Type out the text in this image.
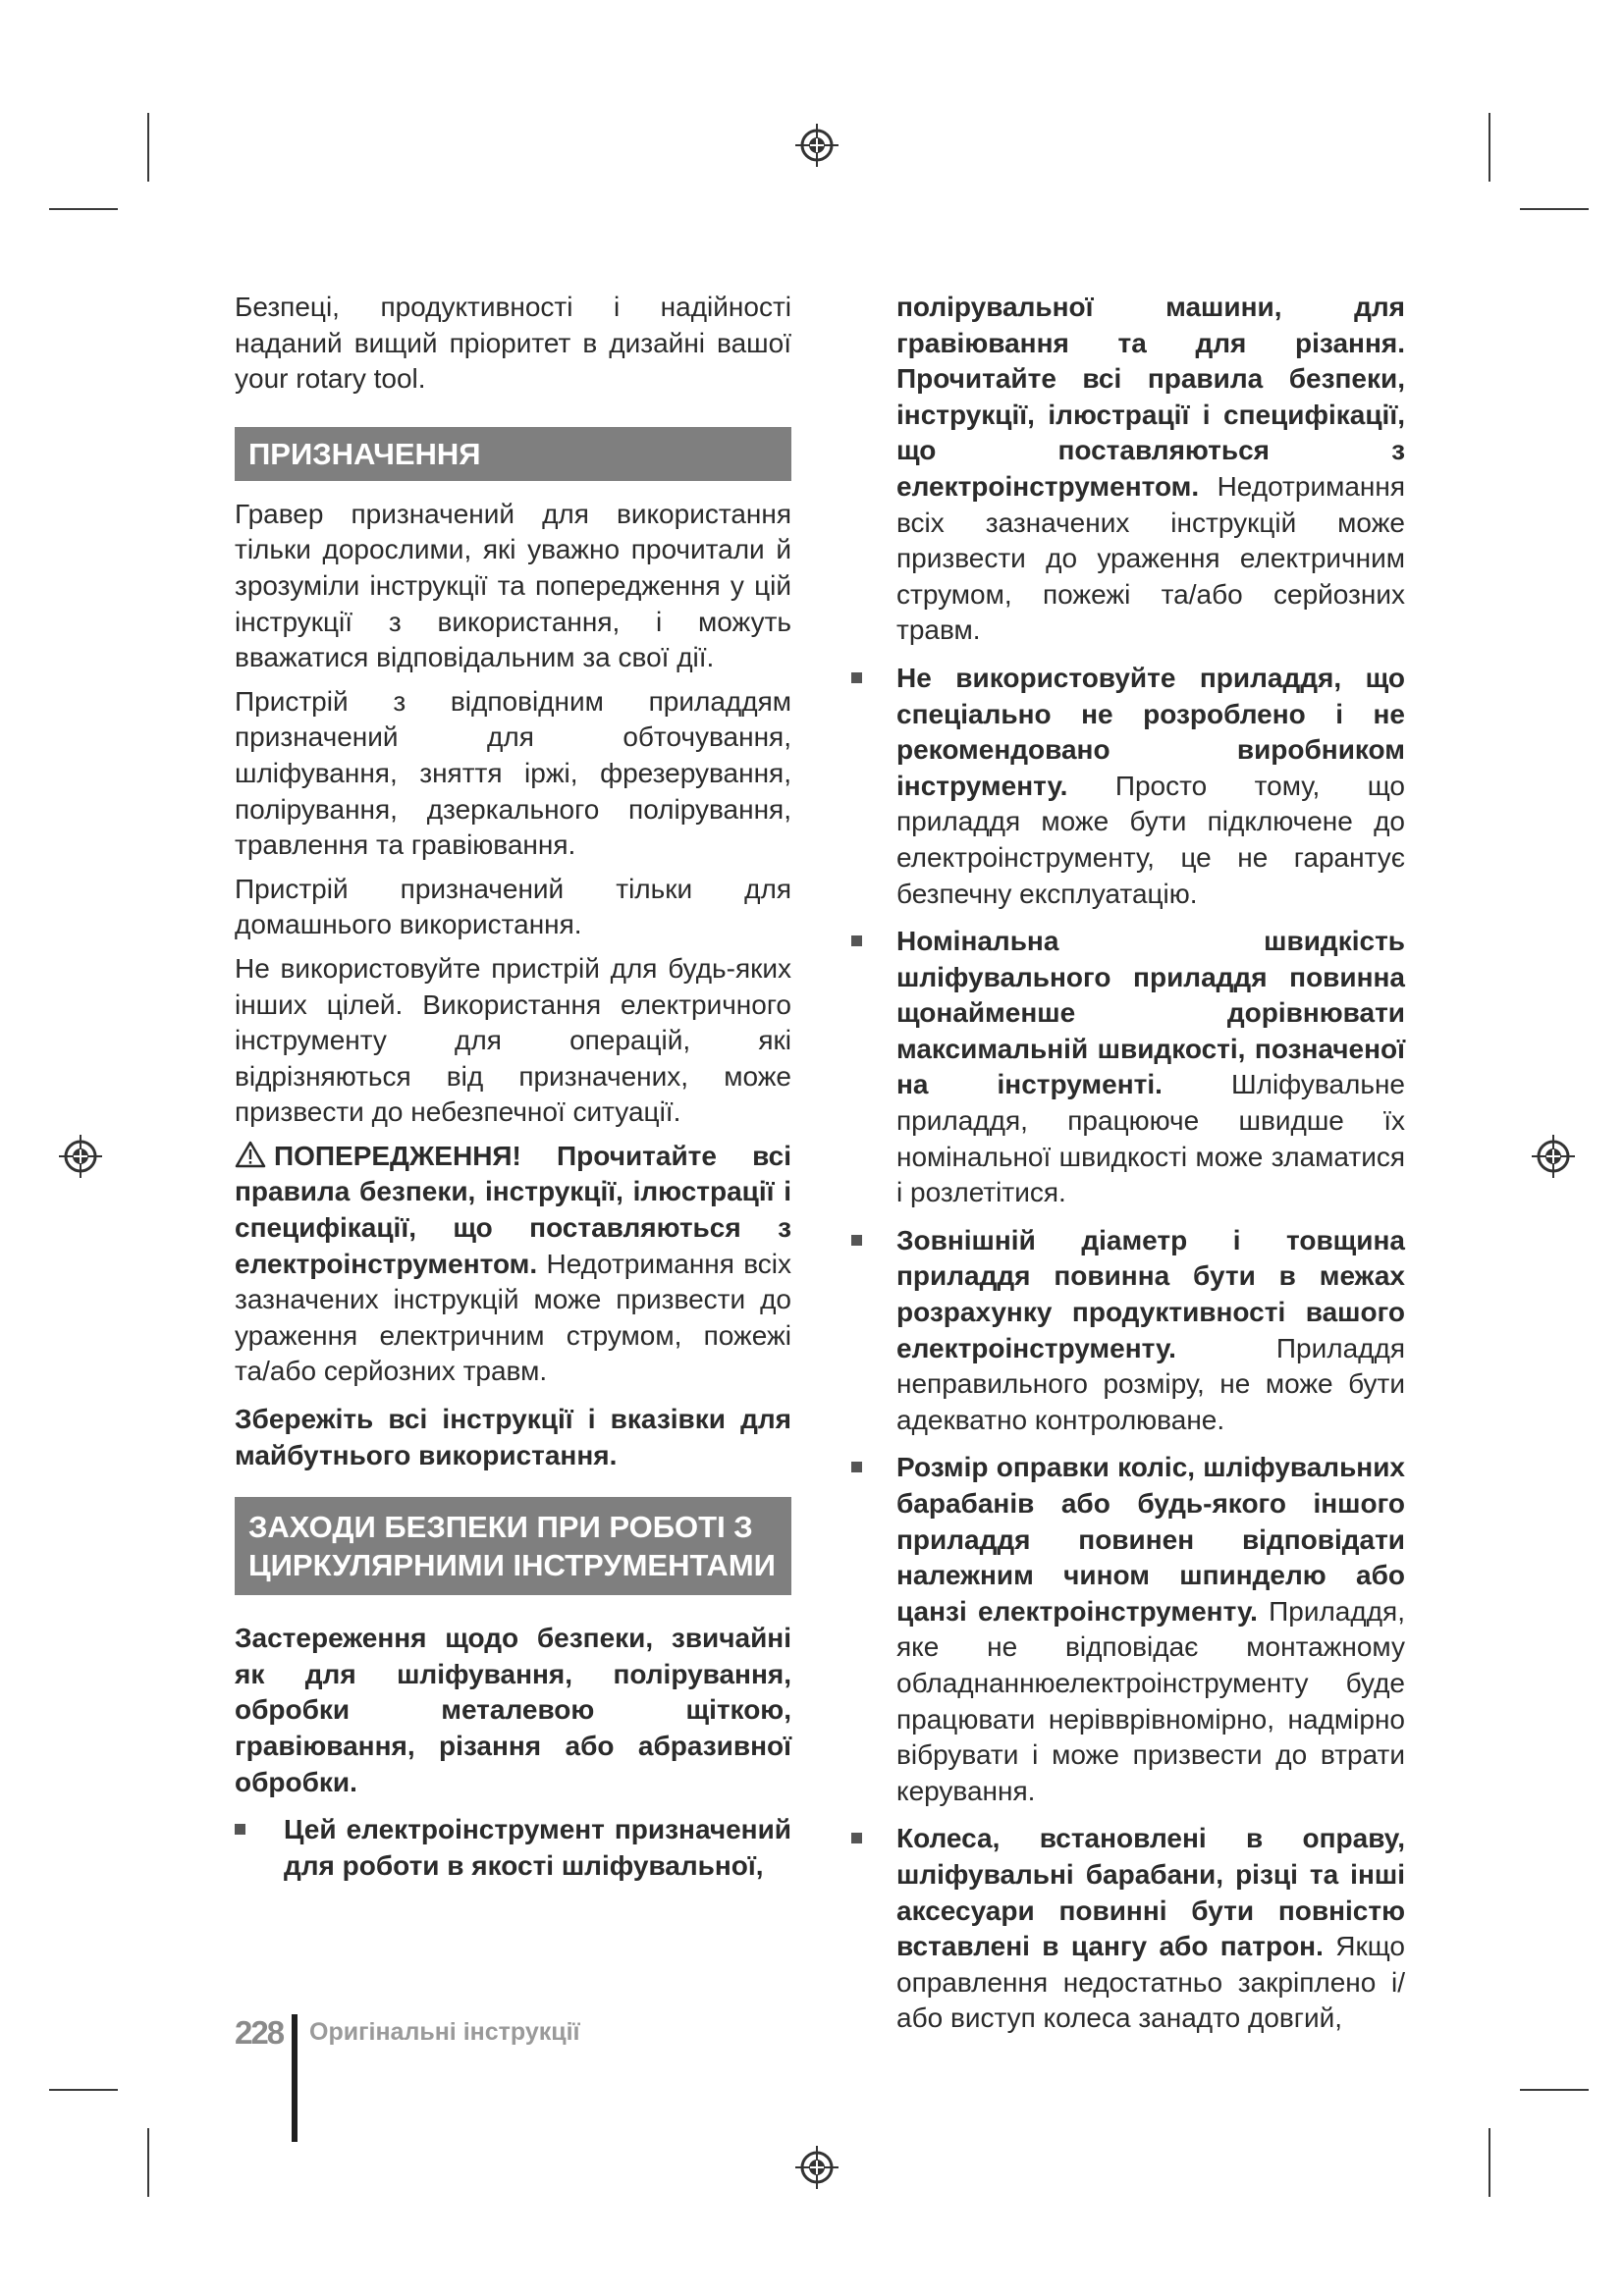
Безпеці, продуктивності і надійності наданий вищий пріоритет в дизайні вашої your rotary tool.

ПРИЗНАЧЕННЯ

Гравер призначений для використання тільки дорослими, які уважно прочитали й зрозуміли інструкції та попередження у цій інструкції з використання, і можуть вважатися відповідальним за свої дії.

Пристрій з відповідним приладдям призначений для обточування, шліфування, зняття іржі, фрезерування, полірування, дзеркального полірування, травлення та гравіювання.

Пристрій призначений тільки для домашнього використання.

Не використовуйте пристрій для будь-яких інших цілей. Використання електричного інструменту для операцій, які відрізняються від призначених, може призвести до небезпечної ситуації.

ПОПЕРЕДЖЕННЯ! Прочитайте всі правила безпеки, інструкції, ілюстрації і специфікації, що поставляються з електроінструментом. Недотримання всіх зазначених інструкцій може призвести до ураження електричним струмом, пожежі та/або серйозних травм.

Збережіть всі інструкції і вказівки для майбутнього використання.

ЗАХОДИ БЕЗПЕКИ ПРИ РОБОТІ З ЦИРКУЛЯРНИМИ ІНСТРУМЕНТАМИ

Застереження щодо безпеки, звичайні як для шліфування, полірування, обробки металевою щіткою, гравіювання, різання або абразивної обробки.

Цей електроінструмент призначений для роботи в якості шліфувальної,

полірувальної машини, для гравіювання та для різання. Прочитайте всі правила безпеки, інструкції, ілюстрації і специфікації, що поставляються з електроінструментом. Недотримання всіх зазначених інструкцій може призвести до ураження електричним струмом, пожежі та/або серйозних травм.

Не використовуйте приладдя, що спеціально не розроблено і не рекомендовано виробником інструменту. Просто тому, що приладдя може бути підключене до електроінструменту, це не гарантує безпечну експлуатацію.

Номінальна швидкість шліфувального приладдя повинна щонайменше дорівнювати максимальній швидкості, позначеної на інструменті. Шліфувальне приладдя, працююче швидше їх номінальної швидкості може зламатися і розлетітися.

Зовнішній діаметр і товщина приладдя повинна бути в межах розрахунку продуктивності вашого електроінструменту. Приладдя неправильного розміру, не може бути адекватно контролюване.

Розмір оправки коліс, шліфувальних барабанів або будь-якого іншого приладдя повинен відповідати належним чином шпинделю або цанзі електроінструменту. Приладдя, яке не відповідає монтажному обладнаннюелектроінструменту буде працювати нерівврівномірно, надмірно вібрувати і може призвести до втрати керування.

Колеса, встановлені в оправу, шліфувальні барабани, різці та інші аксесуари повинні бути повністю вставлені в цангу або патрон. Якщо оправлення недостатньо закріплено і/або виступ колеса занадто довгий,

228 Оригінальні інструкції
